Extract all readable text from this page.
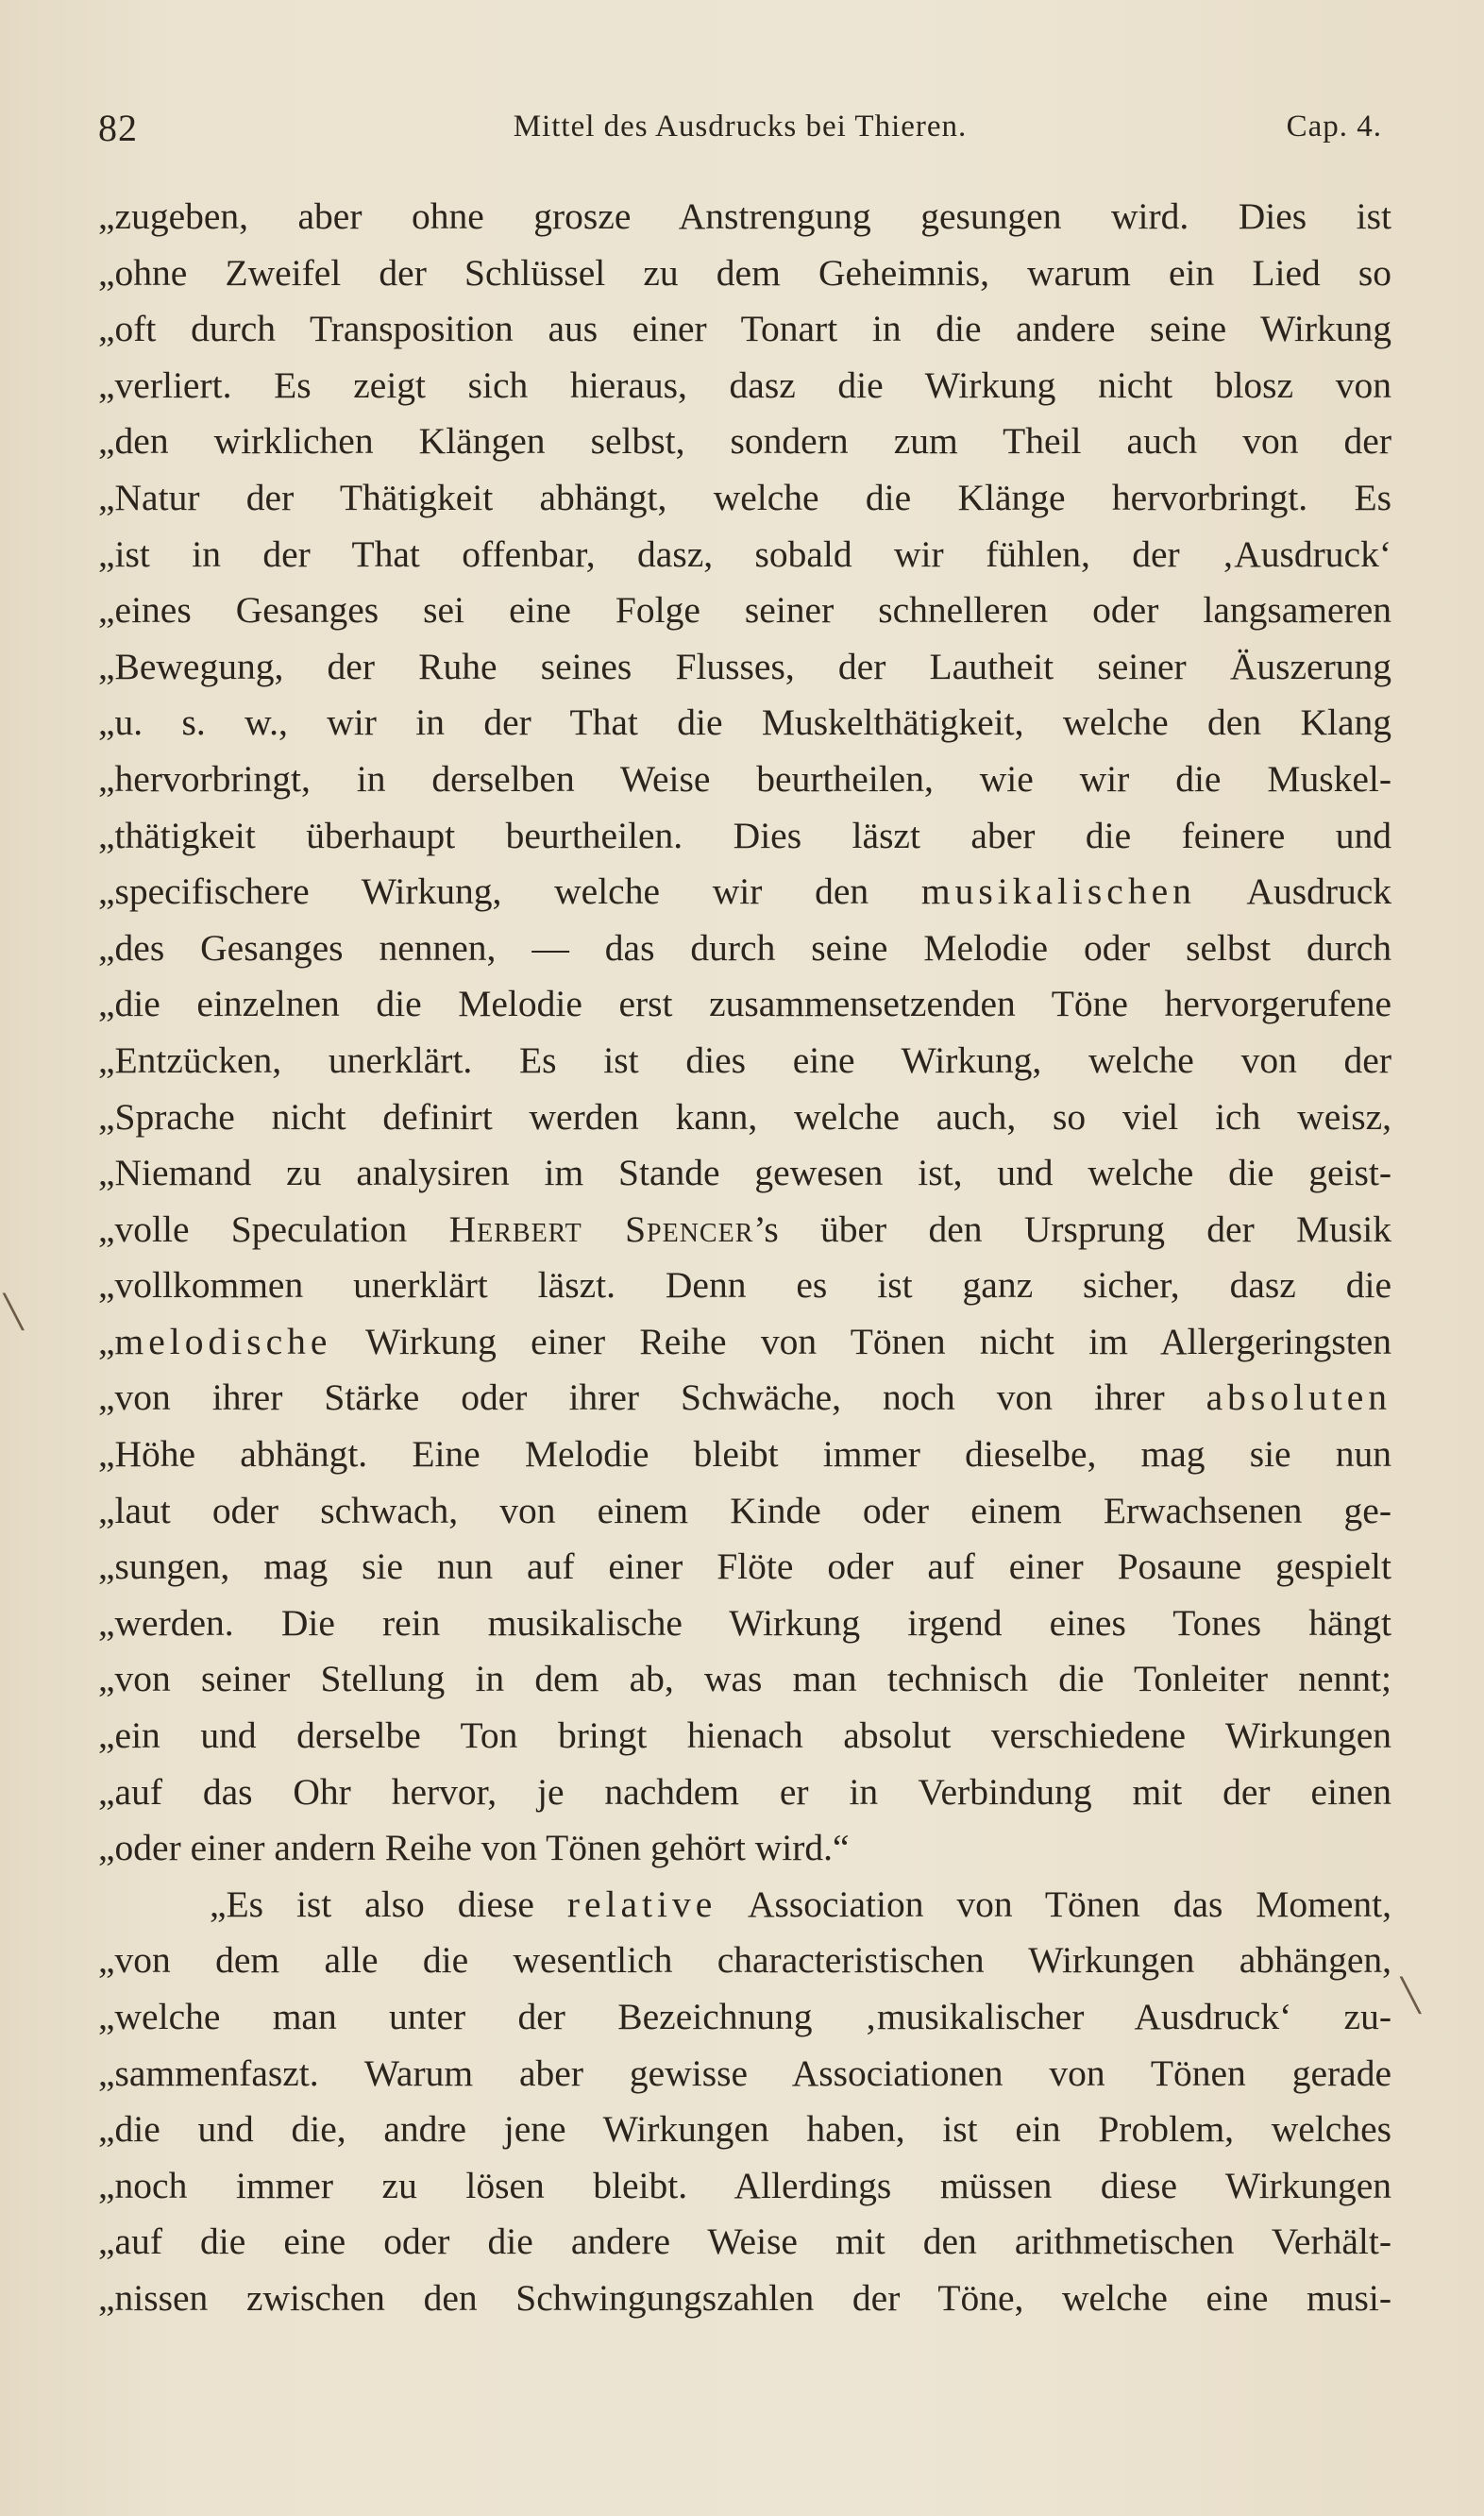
82	Mittel des Ausdrucks bei Thieren.	Cap. 4.
„zugeben, aber ohne grosze Anstrengung gesungen wird. Dies ist
„ohne Zweifel der Schlüssel zu dem Geheimnis, warum ein Lied so
„oft durch Transposition aus einer Tonart in die andere seine Wirkung
„verliert. Es zeigt sich hieraus, dasz die Wirkung nicht blosz von
„den wirklichen Klängen selbst, sondern zum Theil auch von der
„Natur der Thätigkeit abhängt, welche die Klänge hervorbringt. Es
„ist in der That offenbar, dasz, sobald wir fühlen, der ‚Ausdruck‘
„eines Gesanges sei eine Folge seiner schnelleren oder langsameren
„Bewegung, der Ruhe seines Flusses, der Lautheit seiner Äuszerung
„u. s. w., wir in der That die Muskelthätigkeit, welche den Klang
„hervorbringt, in derselben Weise beurtheilen, wie wir die Muskel-
„thätigkeit überhaupt beurtheilen. Dies läszt aber die feinere und
„specifischere Wirkung, welche wir den musikalischen Ausdruck
„des Gesanges nennen, — das durch seine Melodie oder selbst durch
„die einzelnen die Melodie erst zusammensetzenden Töne hervorgerufene
„Entzücken, unerklärt. Es ist dies eine Wirkung, welche von der
„Sprache nicht definirt werden kann, welche auch, so viel ich weisz,
„Niemand zu analysiren im Stande gewesen ist, und welche die geist-
„volle Speculation Herbert Spencer’s über den Ursprung der Musik
„vollkommen unerklärt läszt. Denn es ist ganz sicher, dasz die
„melodische Wirkung einer Reihe von Tönen nicht im Allergeringsten
„von ihrer Stärke oder ihrer Schwäche, noch von ihrer absoluten
„Höhe abhängt. Eine Melodie bleibt immer dieselbe, mag sie nun
„laut oder schwach, von einem Kinde oder einem Erwachsenen ge-
„sungen, mag sie nun auf einer Flöte oder auf einer Posaune gespielt
„werden. Die rein musikalische Wirkung irgend eines Tones hängt
„von seiner Stellung in dem ab, was man technisch die Tonleiter nennt;
„ein und derselbe Ton bringt hienach absolut verschiedene Wirkungen
„auf das Ohr hervor, je nachdem er in Verbindung mit der einen
„oder einer andern Reihe von Tönen gehört wird.“
„Es ist also diese relative Association von Tönen das Moment,
„von dem alle die wesentlich characteristischen Wirkungen abhängen,
„welche man unter der Bezeichnung ‚musikalischer Ausdruck‘ zu-
„sammenfaszt. Warum aber gewisse Associationen von Tönen gerade
„die und die, andre jene Wirkungen haben, ist ein Problem, welches
„noch immer zu lösen bleibt. Allerdings müssen diese Wirkungen
„auf die eine oder die andere Weise mit den arithmetischen Verhält-
„nissen zwischen den Schwingungszahlen der Töne, welche eine musi-
╲
╲
